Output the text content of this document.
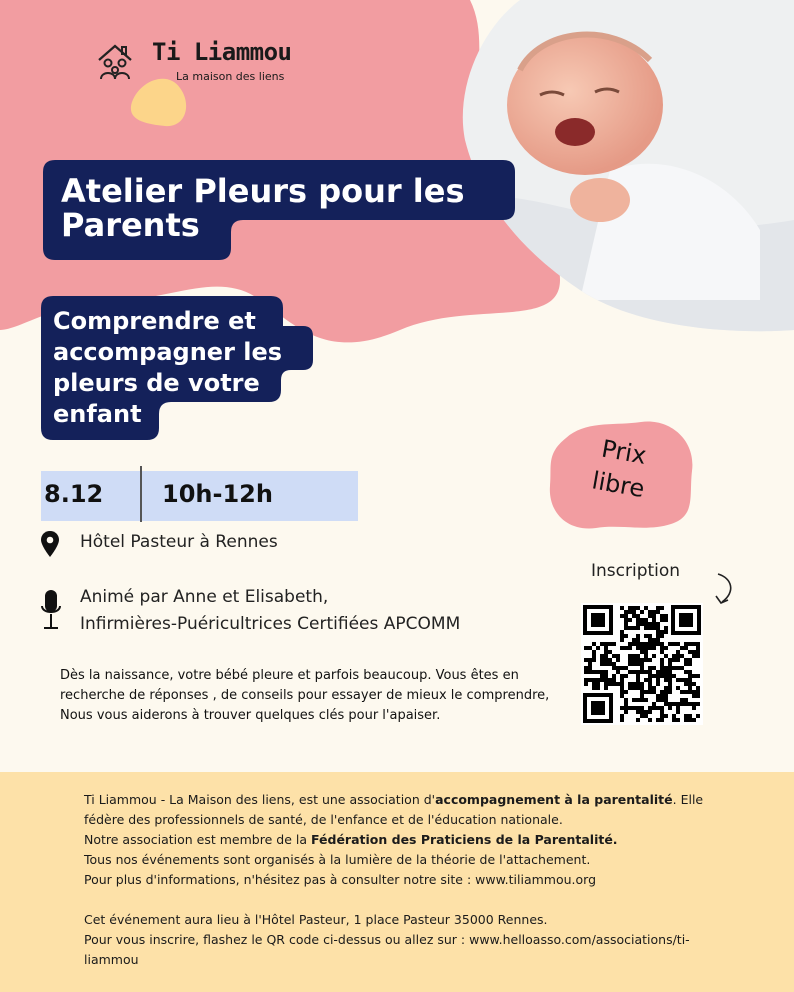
Ti Liammou
La maison des liens
Atelier Pleurs pour les Parents
Comprendre et accompagner les pleurs de votre enfant
8.12 10h-12h
Hôtel Pasteur à Rennes
Animé par Anne et Elisabeth,
Infirmières-Puéricultrices Certifiées APCOMM
Dès la naissance, votre bébé pleure et parfois beaucoup. Vous êtes en recherche de réponses , de conseils pour essayer de mieux le comprendre,
Nous vous aiderons à trouver quelques clés pour l'apaiser.
Prix
libre
Inscription
Ti Liammou - La Maison des liens, est une association d'accompagnement à la parentalité. Elle fédère des professionnels de santé, de l'enfance et de l'éducation nationale.
Notre association est membre de la Fédération des Praticiens de la Parentalité.
Tous nos événements sont organisés à la lumière de la théorie de l'attachement.
Pour plus d'informations, n'hésitez pas à consulter notre site : www.tiliammou.org
Cet événement aura lieu à l'Hôtel Pasteur, 1 place Pasteur 35000 Rennes.
Pour vous inscrire, flashez le QR code ci-dessus ou allez sur : www.helloasso.com/associations/ti-liammou
